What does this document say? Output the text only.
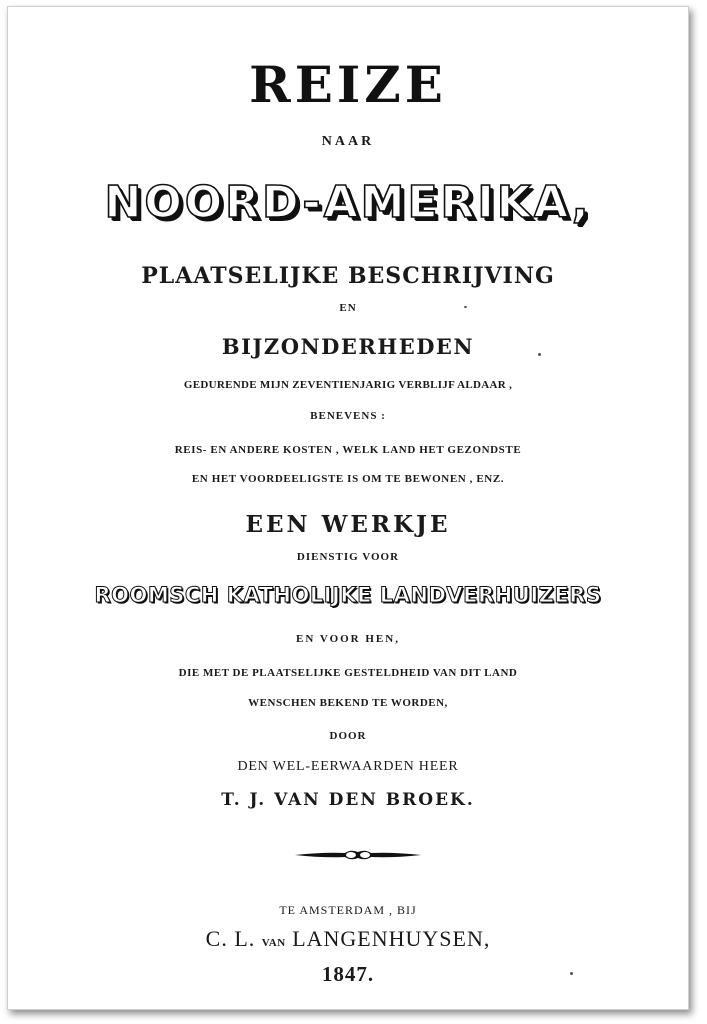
REIZE
NAAR
NOORD-AMERIKA,
PLAATSELIJKE BESCHRIJVING
EN
BIJZONDERHEDEN
GEDURENDE MIJN ZEVENTIENJARIG VERBLIJF ALDAAR ,
BENEVENS :
REIS- EN ANDERE KOSTEN , WELK LAND HET GEZONDSTE
EN HET VOORDEELIGSTE IS OM TE BEWONEN , ENZ.
EEN WERKJE
DIENSTIG VOOR
ROOMSCH KATHOLIJKE LANDVERHUIZERS
EN VOOR HEN,
DIE MET DE PLAATSELIJKE GESTELDHEID VAN DIT LAND
WENSCHEN BEKEND TE WORDEN,
DOOR
DEN WEL-EERWAARDEN HEER
T. J. VAN DEN BROEK.
TE AMSTERDAM , BIJ
C. L. VAN LANGENHUYSEN,
1847.
